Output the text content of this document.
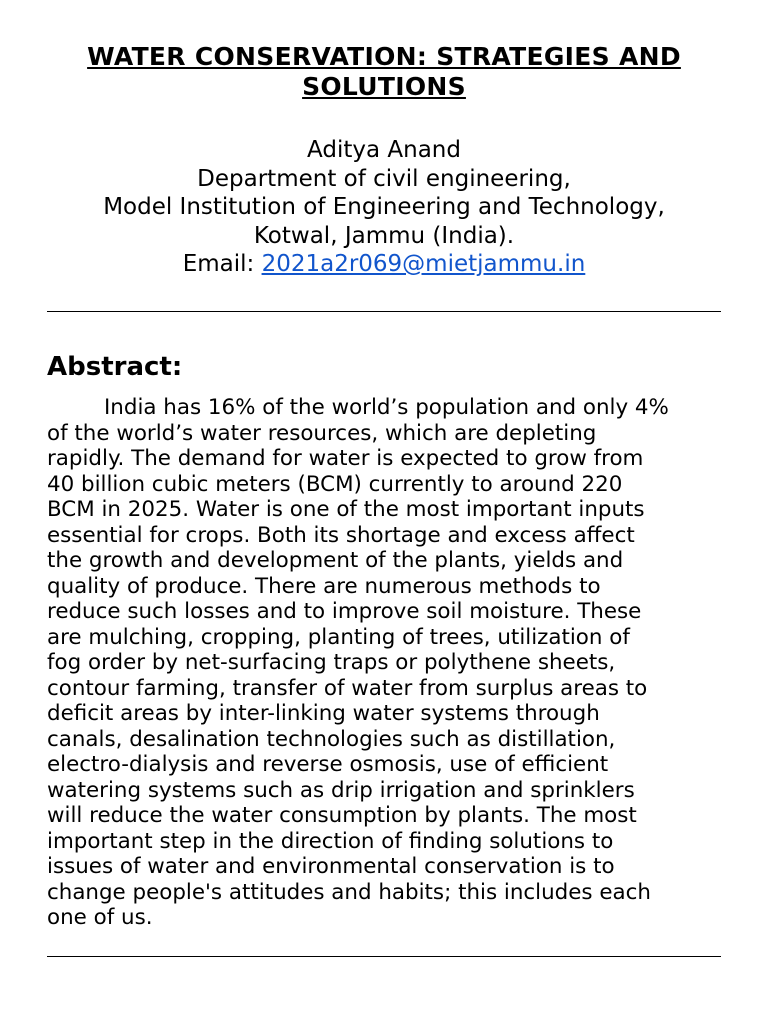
WATER CONSERVATION: STRATEGIES AND
SOLUTIONS
Aditya Anand
Department of civil engineering,
Model Institution of Engineering and Technology,
Kotwal, Jammu (India).
Email: 2021a2r069@mietjammu.in
Abstract:
India has 16% of the world’s population and only 4%
of the world’s water resources, which are depleting
rapidly. The demand for water is expected to grow from
40 billion cubic meters (BCM) currently to around 220
BCM in 2025. Water is one of the most important inputs
essential for crops. Both its shortage and excess affect
the growth and development of the plants, yields and
quality of produce. There are numerous methods to
reduce such losses and to improve soil moisture. These
are mulching, cropping, planting of trees, utilization of
fog order by net-surfacing traps or polythene sheets,
contour farming, transfer of water from surplus areas to
deficit areas by inter-linking water systems through
canals, desalination technologies such as distillation,
electro-dialysis and reverse osmosis, use of efficient
watering systems such as drip irrigation and sprinklers
will reduce the water consumption by plants. The most
important step in the direction of finding solutions to
issues of water and environmental conservation is to
change people's attitudes and habits; this includes each
one of us.
